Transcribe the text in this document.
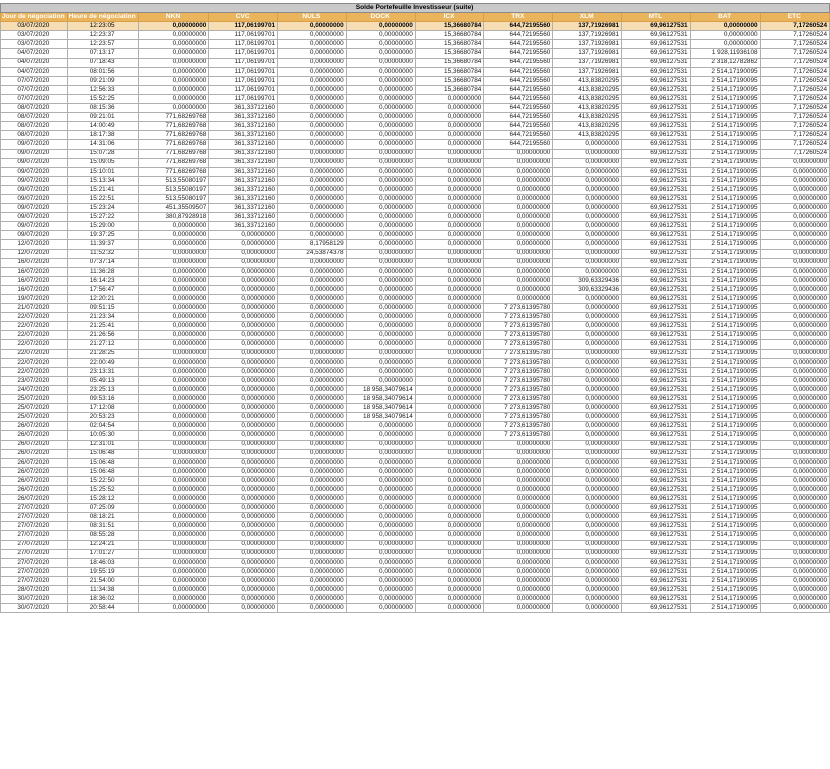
Solde Portefeuille Investisseur (suite)											
Jour de négociation	Heure de négociation	NKN	CVC	NULS	DOCK	ICX	TRX	XLM	MTL	BAT	ETC
03/07/2020	12:23:05	0,00000000	117,06199701	0,00000000	0,00000000	15,36680784	644,72195560	137,71926981	69,96127531	0,00000000	7,17260524
03/07/2020	12:23:37	0,00000000	117,06199701	0,00000000	0,00000000	15,36680784	644,72195560	137,71926981	69,96127531	0,00000000	7,17260524
03/07/2020	12:23:57	0,00000000	117,06199701	0,00000000	0,00000000	15,36680784	644,72195560	137,71926981	69,96127531	0,00000000	7,17260524
04/07/2020	07:13:17	0,00000000	117,06199701	0,00000000	0,00000000	15,36680784	644,72195560	137,71926981	69,96127531	1 928,11936108	7,17260524
04/07/2020	07:18:43	0,00000000	117,06199701	0,00000000	0,00000000	15,36680784	644,72195560	137,71926981	69,96127531	2 318,12782862	7,17260524
04/07/2020	08:01:56	0,00000000	117,06199701	0,00000000	0,00000000	15,36680784	644,72195560	137,71926981	69,96127531	2 514,17190095	7,17260524
07/07/2020	09:21:09	0,00000000	117,06199701	0,00000000	0,00000000	15,36680784	644,72195560	413,83820295	69,96127531	2 514,17190095	7,17260524
07/07/2020	12:56:33	0,00000000	117,06199701	0,00000000	0,00000000	15,36680784	644,72195560	413,83820295	69,96127531	2 514,17190095	7,17260524
07/07/2020	15:52:25	0,00000000	117,06199701	0,00000000	0,00000000	0,00000000	644,72195560	413,83820295	69,96127531	2 514,17190095	7,17260524
08/07/2020	08:15:36	0,00000000	361,33712160	0,00000000	0,00000000	0,00000000	644,72195560	413,83820295	69,96127531	2 514,17190095	7,17260524
08/07/2020	09:21:01	771,68269768	361,33712160	0,00000000	0,00000000	0,00000000	644,72195560	413,83820295	69,96127531	2 514,17190095	7,17260524
08/07/2020	14:00:49	771,68269768	361,33712160	0,00000000	0,00000000	0,00000000	644,72195560	413,83820295	69,96127531	2 514,17190095	7,17260524
08/07/2020	18:17:38	771,68269768	361,33712160	0,00000000	0,00000000	0,00000000	644,72195560	413,83820295	69,96127531	2 514,17190095	7,17260524
09/07/2020	14:31:06	771,68269768	361,33712160	0,00000000	0,00000000	0,00000000	644,72195560	0,00000000	69,96127531	2 514,17190095	7,17260524
09/07/2020	15:07:28	771,68269768	361,33712160	0,00000000	0,00000000	0,00000000	0,00000000	0,00000000	69,96127531	2 514,17190095	7,17260524
09/07/2020	15:09:05	771,68269768	361,33712160	0,00000000	0,00000000	0,00000000	0,00000000	0,00000000	69,96127531	2 514,17190095	0,00000000
09/07/2020	15:10:01	771,68269768	361,33712160	0,00000000	0,00000000	0,00000000	0,00000000	0,00000000	69,96127531	2 514,17190095	0,00000000
09/07/2020	15:13:34	513,55080197	361,33712160	0,00000000	0,00000000	0,00000000	0,00000000	0,00000000	69,96127531	2 514,17190095	0,00000000
09/07/2020	15:21:41	513,55080197	361,33712160	0,00000000	0,00000000	0,00000000	0,00000000	0,00000000	69,96127531	2 514,17190095	0,00000000
09/07/2020	15:22:51	513,55080197	361,33712160	0,00000000	0,00000000	0,00000000	0,00000000	0,00000000	69,96127531	2 514,17190095	0,00000000
09/07/2020	15:23:24	451,35509507	361,33712160	0,00000000	0,00000000	0,00000000	0,00000000	0,00000000	69,96127531	2 514,17190095	0,00000000
09/07/2020	15:27:22	380,87928918	361,33712160	0,00000000	0,00000000	0,00000000	0,00000000	0,00000000	69,96127531	2 514,17190095	0,00000000
09/07/2020	15:29:00	0,00000000	361,33712160	0,00000000	0,00000000	0,00000000	0,00000000	0,00000000	69,96127531	2 514,17190095	0,00000000
09/07/2020	19:37:25	0,00000000	0,00000000	0,00000000	0,00000000	0,00000000	0,00000000	0,00000000	69,96127531	2 514,17190095	0,00000000
12/07/2020	11:39:37	0,00000000	0,00000000	8,17958129	0,00000000	0,00000000	0,00000000	0,00000000	69,96127531	2 514,17190095	0,00000000
12/07/2020	11:52:32	0,00000000	0,00000000	24,53874378	0,00000000	0,00000000	0,00000000	0,00000000	69,96127531	2 514,17190095	0,00000000
16/07/2020	07:37:14	0,00000000	0,00000000	0,00000000	0,00000000	0,00000000	0,00000000	0,00000000	69,96127531	2 514,17190095	0,00000000
16/07/2020	11:36:28	0,00000000	0,00000000	0,00000000	0,00000000	0,00000000	0,00000000	0,00000000	69,96127531	2 514,17190095	0,00000000
16/07/2020	16:14:23	0,00000000	0,00000000	0,00000000	0,00000000	0,00000000	0,00000000	309,63329436	69,96127531	2 514,17190095	0,00000000
16/07/2020	17:56:47	0,00000000	0,00000000	0,00000000	0,00000000	0,00000000	0,00000000	309,63329436	69,96127531	2 514,17190095	0,00000000
19/07/2020	12:20:21	0,00000000	0,00000000	0,00000000	0,00000000	0,00000000	0,00000000	0,00000000	69,96127531	2 514,17190095	0,00000000
21/07/2020	09:51:15	0,00000000	0,00000000	0,00000000	0,00000000	0,00000000	7 273,61395780	0,00000000	69,96127531	2 514,17190095	0,00000000
22/07/2020	21:23:34	0,00000000	0,00000000	0,00000000	0,00000000	0,00000000	7 273,61395780	0,00000000	69,96127531	2 514,17190095	0,00000000
22/07/2020	21:25:41	0,00000000	0,00000000	0,00000000	0,00000000	0,00000000	7 273,61395780	0,00000000	69,96127531	2 514,17190095	0,00000000
22/07/2020	21:26:56	0,00000000	0,00000000	0,00000000	0,00000000	0,00000000	7 273,61395780	0,00000000	69,96127531	2 514,17190095	0,00000000
22/07/2020	21:27:12	0,00000000	0,00000000	0,00000000	0,00000000	0,00000000	7 273,61395780	0,00000000	69,96127531	2 514,17190095	0,00000000
22/07/2020	21:28:25	0,00000000	0,00000000	0,00000000	0,00000000	0,00000000	7 273,61395780	0,00000000	69,96127531	2 514,17190095	0,00000000
22/07/2020	22:00:49	0,00000000	0,00000000	0,00000000	0,00000000	0,00000000	7 273,61395780	0,00000000	69,96127531	2 514,17190095	0,00000000
22/07/2020	23:13:31	0,00000000	0,00000000	0,00000000	0,00000000	0,00000000	7 273,61395780	0,00000000	69,96127531	2 514,17190095	0,00000000
23/07/2020	05:49:13	0,00000000	0,00000000	0,00000000	0,00000000	0,00000000	7 273,61395780	0,00000000	69,96127531	2 514,17190095	0,00000000
24/07/2020	23:25:13	0,00000000	0,00000000	0,00000000	18 958,34079614	0,00000000	7 273,61395780	0,00000000	69,96127531	2 514,17190095	0,00000000
25/07/2020	09:53:16	0,00000000	0,00000000	0,00000000	18 958,34079614	0,00000000	7 273,61395780	0,00000000	69,96127531	2 514,17190095	0,00000000
25/07/2020	17:12:08	0,00000000	0,00000000	0,00000000	18 958,34079614	0,00000000	7 273,61395780	0,00000000	69,96127531	2 514,17190095	0,00000000
25/07/2020	20:53:23	0,00000000	0,00000000	0,00000000	18 958,34079614	0,00000000	7 273,61395780	0,00000000	69,96127531	2 514,17190095	0,00000000
26/07/2020	02:04:54	0,00000000	0,00000000	0,00000000	0,00000000	0,00000000	7 273,61395780	0,00000000	69,96127531	2 514,17190095	0,00000000
26/07/2020	10:05:30	0,00000000	0,00000000	0,00000000	0,00000000	0,00000000	7 273,61395780	0,00000000	69,96127531	2 514,17190095	0,00000000
26/07/2020	12:31:01	0,00000000	0,00000000	0,00000000	0,00000000	0,00000000	0,00000000	0,00000000	69,96127531	2 514,17190095	0,00000000
26/07/2020	15:06:48	0,00000000	0,00000000	0,00000000	0,00000000	0,00000000	0,00000000	0,00000000	69,96127531	2 514,17190095	0,00000000
26/07/2020	15:06:48	0,00000000	0,00000000	0,00000000	0,00000000	0,00000000	0,00000000	0,00000000	69,96127531	2 514,17190095	0,00000000
26/07/2020	15:06:48	0,00000000	0,00000000	0,00000000	0,00000000	0,00000000	0,00000000	0,00000000	69,96127531	2 514,17190095	0,00000000
26/07/2020	15:22:50	0,00000000	0,00000000	0,00000000	0,00000000	0,00000000	0,00000000	0,00000000	69,96127531	2 514,17190095	0,00000000
26/07/2020	15:25:52	0,00000000	0,00000000	0,00000000	0,00000000	0,00000000	0,00000000	0,00000000	69,96127531	2 514,17190095	0,00000000
26/07/2020	15:28:12	0,00000000	0,00000000	0,00000000	0,00000000	0,00000000	0,00000000	0,00000000	69,96127531	2 514,17190095	0,00000000
27/07/2020	07:25:09	0,00000000	0,00000000	0,00000000	0,00000000	0,00000000	0,00000000	0,00000000	69,96127531	2 514,17190095	0,00000000
27/07/2020	08:18:21	0,00000000	0,00000000	0,00000000	0,00000000	0,00000000	0,00000000	0,00000000	69,96127531	2 514,17190095	0,00000000
27/07/2020	08:31:51	0,00000000	0,00000000	0,00000000	0,00000000	0,00000000	0,00000000	0,00000000	69,96127531	2 514,17190095	0,00000000
27/07/2020	08:55:28	0,00000000	0,00000000	0,00000000	0,00000000	0,00000000	0,00000000	0,00000000	69,96127531	2 514,17190095	0,00000000
27/07/2020	12:24:21	0,00000000	0,00000000	0,00000000	0,00000000	0,00000000	0,00000000	0,00000000	69,96127531	2 514,17190095	0,00000000
27/07/2020	17:01:27	0,00000000	0,00000000	0,00000000	0,00000000	0,00000000	0,00000000	0,00000000	69,96127531	2 514,17190095	0,00000000
27/07/2020	18:46:03	0,00000000	0,00000000	0,00000000	0,00000000	0,00000000	0,00000000	0,00000000	69,96127531	2 514,17190095	0,00000000
27/07/2020	19:55:19	0,00000000	0,00000000	0,00000000	0,00000000	0,00000000	0,00000000	0,00000000	69,96127531	2 514,17190095	0,00000000
27/07/2020	21:54:00	0,00000000	0,00000000	0,00000000	0,00000000	0,00000000	0,00000000	0,00000000	69,96127531	2 514,17190095	0,00000000
28/07/2020	11:34:38	0,00000000	0,00000000	0,00000000	0,00000000	0,00000000	0,00000000	0,00000000	69,96127531	2 514,17190095	0,00000000
30/07/2020	18:36:02	0,00000000	0,00000000	0,00000000	0,00000000	0,00000000	0,00000000	0,00000000	69,96127531	2 514,17190095	0,00000000
30/07/2020	20:58:44	0,00000000	0,00000000	0,00000000	0,00000000	0,00000000	0,00000000	0,00000000	69,96127531	2 514,17190095	0,00000000
